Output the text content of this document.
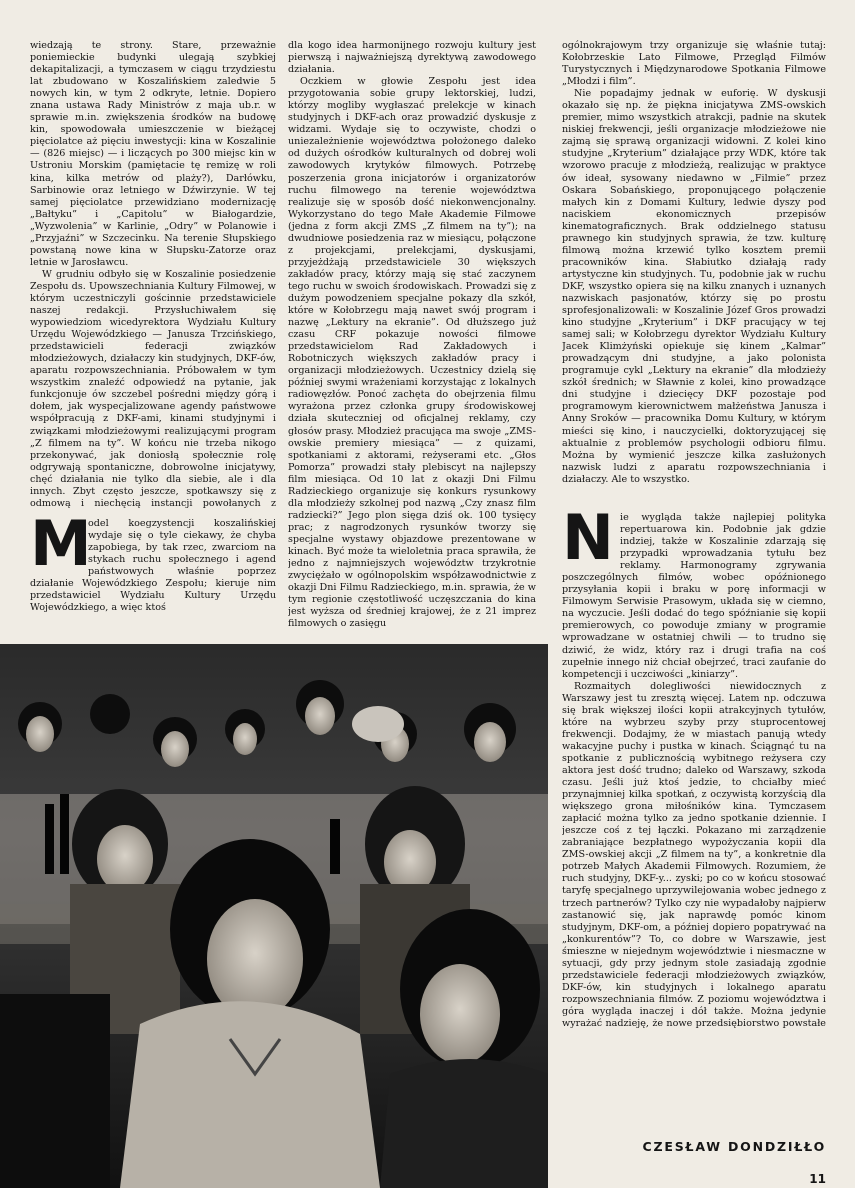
wiedzają te strony. Stare, przeważnie poniemieckie budynki ulegają szybkiej dekapitalizacji, a tymczasem w ciągu trzydziestu lat zbudowano w Koszalińskiem zaledwie 5 nowych kin, w tym 2 odkryte, letnie. Dopiero znana ustawa Rady Ministrów z maja ub.r. w sprawie m.in. zwiększenia środków na budowę kin, spowodowała umieszczenie w bieżącej pięciolatce aż pięciu inwestycji: kina w Koszalinie — (826 miejsc) — i liczących po 300 miejsc kin w Ustroniu Morskim (pamiętacie tę remizę w roli kina, kilka metrów od plaży?), Darłówku, Sarbinowie oraz letniego w Dźwirzynie. W tej samej pięciolatce przewidziano modernizację „Bałtyku” i „Capitolu” w Białogardzie, „Wyzwolenia” w Karlinie, „Odry” w Polanowie i „Przyjaźni” w Szczecinku. Na terenie Słupskiego powstaną nowe kina w Słupsku-Zatorze oraz letnie w Jarosławcu.

W grudniu odbyło się w Koszalinie posiedzenie Zespołu ds. Upowszechniania Kultury Filmowej, w którym uczestniczyli gościnnie przedstawiciele naszej redakcji. Przysłuchiwałem się wypowiedziom wicedyrektora Wydziału Kultury Urzędu Wojewódzkiego — Janusza Trzcińskiego, przedstawicieli federacji związków młodzieżowych, działaczy kin studyjnych, DKF-ów, aparatu rozpowszechniania. Próbowałem w tym wszystkim znaleźć odpowiedź na pytanie, jak funkcjonuje ów szczebel pośredni między górą i dołem, jak wyspecjalizowane agendy państwowe współpracują z DKF-ami, kinami studyjnymi i związkami młodzieżowymi realizującymi program „Z filmem na ty”. W końcu nie trzeba nikogo przekonywać, jak doniosłą społecznie rolę odgrywają spontaniczne, dobrowolne inicjatywy, chęć działania nie tylko dla siebie, ale i dla innych. Zbyt często jeszcze, spotkawszy się z odmową i niechęcią instancji powołanych z

M
odel koegzystencji koszalińskiej wydaje się o tyle ciekawy, że chyba zapobiega, by tak rzec, zwarciom na stykach ruchu społecznego i agend państwowych właśnie poprzez działanie Wojewódzkiego Zespołu; kieruje nim przedstawiciel Wydziału Kultury Urzędu Wojewódzkiego, a więc ktoś

dla kogo idea harmonijnego rozwoju kultury jest pierwszą i najważniejszą dyrektywą zawodowego działania.

Oczkiem w głowie Zespołu jest idea przygotowania sobie grupy lektorskiej, ludzi, którzy mogliby wygłaszać prelekcje w kinach studyjnych i DKF-ach oraz prowadzić dyskusje z widzami. Wydaje się to oczywiste, chodzi o uniezależnienie województwa położonego daleko od dużych ośrodków kulturalnych od dobrej woli zawodowych krytyków filmowych. Potrzebę poszerzenia grona inicjatorów i organizatorów ruchu filmowego na terenie województwa realizuje się w sposób dość niekonwencjonalny. Wykorzystano do tego Małe Akademie Filmowe (jedna z form akcji ZMS „Z filmem na ty”); na dwudniowe posiedzenia raz w miesiącu, połączone z projekcjami, prelekcjami, dyskusjami, przyjeżdżają przedstawiciele 30 większych zakładów pracy, którzy mają się stać zaczynem tego ruchu w swoich środowiskach. Prowadzi się z dużym powodzeniem specjalne pokazy dla szkół, które w Kołobrzegu mają nawet swój program i nazwę „Lektury na ekranie”. Od dłuższego już czasu CRF pokazuje nowości filmowe przedstawicielom Rad Zakładowych i Robotniczych większych zakładów pracy i organizacji młodzieżowych. Uczestnicy dzielą się później swymi wrażeniami korzystając z lokalnych radiowęzłów. Ponoć zachęta do obejrzenia filmu wyrażona przez członka grupy środowiskowej działa skuteczniej od oficjalnej reklamy, czy głosów prasy. Młodzież pracująca ma swoje „ZMS-owskie premiery miesiąca” — z quizami, spotkaniami z aktorami, reżyserami etc. „Głos Pomorza” prowadzi stały plebiscyt na najlepszy film miesiąca. Od 10 lat z okazji Dni Filmu Radzieckiego organizuje się konkurs rysunkowy dla młodzieży szkolnej pod nazwą „Czy znasz film radziecki?” Jego plon sięga dziś ok. 100 tysięcy prac; z nagrodzonych rysunków tworzy się specjalne wystawy objazdowe prezentowane w kinach. Być może ta wieloletnia praca sprawiła, że jedno z najmniejszych województw trzykrotnie zwyciężało w ogólnopolskim współzawodnictwie z okazji Dni Filmu Radzieckiego, m.in. sprawia, że w tym regionie częstotliwość uczęszczania do kina jest wyższa od średniej krajowej, że z 21 imprez filmowych o zasięgu

ogólnokrajowym trzy organizuje się właśnie tutaj: Kołobrzeskie Lato Filmowe, Przegląd Filmów Turystycznych i Międzynarodowe Spotkania Filmowe „Młodzi i film”.

Nie popadajmy jednak w euforię. W dyskusji okazało się np. że piękna inicjatywa ZMS-owskich premier, mimo wszystkich atrakcji, padnie na skutek niskiej frekwencji, jeśli organizacje młodzieżowe nie zajmą się sprawą organizacji widowni. Z kolei kino studyjne „Kryterium” działające przy WDK, które tak wzorowo pracuje z młodzieżą, realizując w praktyce ów ideał, sysowany niedawno w „Filmie” przez Oskara Sobańskiego, proponującego połączenie małych kin z Domami Kultury, ledwie dyszy pod naciskiem ekonomicznych przepisów kinematograficznych. Brak oddzielnego statusu prawnego kin studyjnych sprawia, że tzw. kulturę filmową można krzewić tylko kosztem premii pracowników kina. Słabiutko działają rady artystyczne kin studyjnych. Tu, podobnie jak w ruchu DKF, wszystko opiera się na kilku znanych i uznanych nazwiskach pasjonatów, którzy się po prostu sprofesjonalizowali: w Koszalinie Józef Gros prowadzi kino studyjne „Kryterium” i DKF pracujący w tej samej sali; w Kołobrzegu dyrektor Wydziału Kultury Jacek Klimżyński opiekuje się kinem „Kalmar” prowadzącym dni studyjne, a jako polonista programuje cykl „Lektury na ekranie” dla młodzieży szkół średnich; w Sławnie z kolei, kino prowadzące dni studyjne i dziecięcy DKF pozostaje pod programowym kierownictwem małżeństwa Janusza i Anny Sroków — pracownika Domu Kultury, w którym mieści się kino, i nauczycielki, doktoryzującej się aktualnie z problemów psychologii odbioru filmu. Można by wymienić jeszcze kilka zasłużonych nazwisk ludzi z aparatu rozpowszechniania i działaczy. Ale to wszystko.

N ie wygląda także najlepiej polityka repertuarowa kin. Podobnie jak gdzie indziej, także w Koszalinie zdarzają się przypadki wprowadzania tytułu bez reklamy. Harmonogramy zgrywania poszczególnych filmów, wobec opóźnionego przysyłania kopii i braku w porę informacji w Filmowym Serwisie Prasowym, układa się w ciemno, na wyczucie. Jeśli dodać do tego spóźnianie się kopii premierowych, co powoduje zmiany w programie wprowadzane w ostatniej chwili — to trudno się dziwić, że widz, który raz i drugi trafia na coś zupełnie innego niż chciał obejrzeć, traci zaufanie do kompetencji i uczciwości „kiniarzy”.

Rozmaitych dolegliwości niewidocznych z Warszawy jest tu zresztą więcej. Latem np. odczuwa się brak większej ilości kopii atrakcyjnych tytułów, które na wybrzeu szyby przy stuprocentowej frekwencji. Dodajmy, że w miastach panują wtedy wakacyjne puchy i pustka w kinach. Ściągnąć tu na spotkanie z publicznością wybitnego reżysera czy aktora jest dość trudno; daleko od Warszawy, szkoda czasu. Jeśli już ktoś jedzie, to chciałby mieć przynajmniej kilka spotkań, z oczywistą korzyścią dla większego grona miłośników kina. Tymczasem zapłacić można tylko za jedno spotkanie dziennie. I jeszcze coś z tej łączki. Pokazano mi zarządzenie zabraniające bezpłatnego wypożyczania kopii dla ZMS-owskiej akcji „Z filmem na ty”, a konkretnie dla potrzeb Małych Akademii Filmowych. Rozumiem, że ruch studyjny, DKF-y... zyski; po co w końcu stosować taryfę specjalnego uprzywilejowania wobec jednego z trzech partnerów? Tylko czy nie wypadałoby najpierw zastanowić się, jak naprawdę pomóc kinom studyjnym, DKF-om, a później dopiero popatrywać na „konkurentów”? To, co dobre w Warszawie, jest śmieszne w niejednym województwie i niesmaczne w sytuacji, gdy przy jednym stole zasiadają zgodnie przedstawiciele federacji młodzieżowych związków, DKF-ów, kin studyjnych i lokalnego aparatu rozpowszechniania filmów. Z poziomu województwa i góra wygląda inaczej i dół także. Można jedynie wyrażać nadzieję, że nowe przedsiębiorstwo powstałe

CZESŁAW DONDZIŁŁO
11
